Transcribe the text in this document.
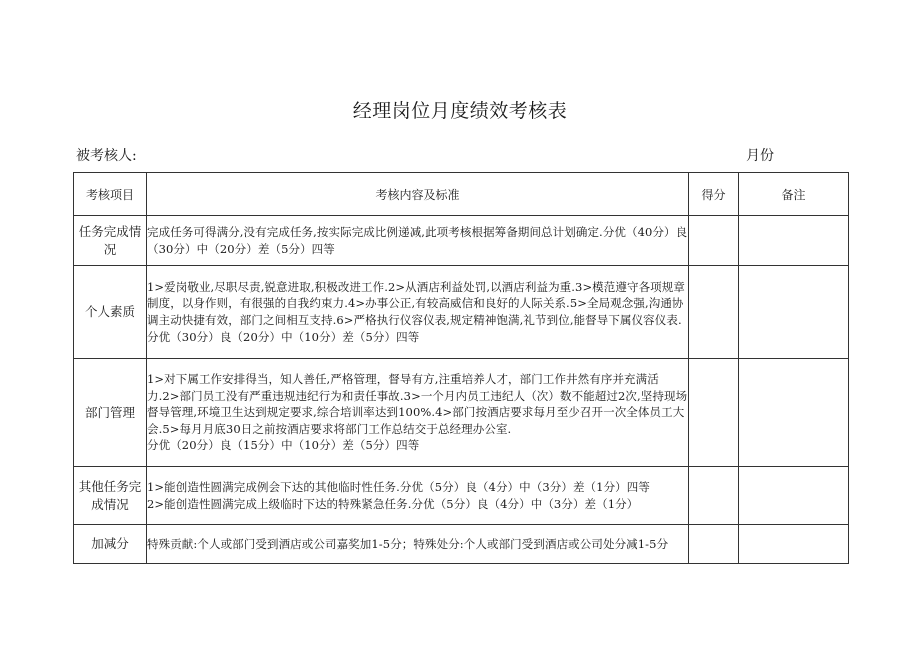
经理岗位月度绩效考核表
被考核人:	月份
考核项目	考核内容及标准	得分	备注
任务完成情况	完成任务可得满分,没有完成任务,按实际完成比例递减,此项考核根据筹备期间总计划确定.分优（40分）良（30分）中（20分）差（5分）四等		
个人素质	1>爱岗敬业,尽职尽责,锐意进取,积极改进工作.2>从酒店利益处罚,以酒店利益为重.3>模范遵守各项规章制度，以身作则，有很强的自我约束力.4>办事公正,有较高威信和良好的人际关系.5>全局观念强,沟通协调主动快捷有效，部门之间相互支持.6>严格执行仪容仪表,规定精神饱满,礼节到位,能督导下属仪容仪表.
分优（30分）良（20分）中（10分）差（5分）四等		

部门管理	1>对下属工作安排得当，知人善任,严格管理，督导有方,注重培养人才，部门工作井然有序并充满活力.2>部门员工没有严重违规违纪行为和责任事故.3>一个月内员工违纪人（次）数不能超过2次,坚持现场督导管理,环境卫生达到规定要求,综合培训率达到100%.4>部门按酒店要求每月至少召开一次全体员工大会.5>每月月底30日之前按酒店要求将部门工作总结交于总经理办公室.
分优（20分）良（15分）中（10分）差（5分）四等		

其他任务完成情况	1>能创造性圆满完成例会下达的其他临时性任务.分优（5分）良（4分）中（3分）差（1分）四等
2>能创造性圆满完成上级临时下达的特殊紧急任务.分优（5分）良（4分）中（3分）差（1分）		

加减分	特殊贡献:个人或部门受到酒店或公司嘉奖加1-5分；特殊处分:个人或部门受到酒店或公司处分减1-5分		
